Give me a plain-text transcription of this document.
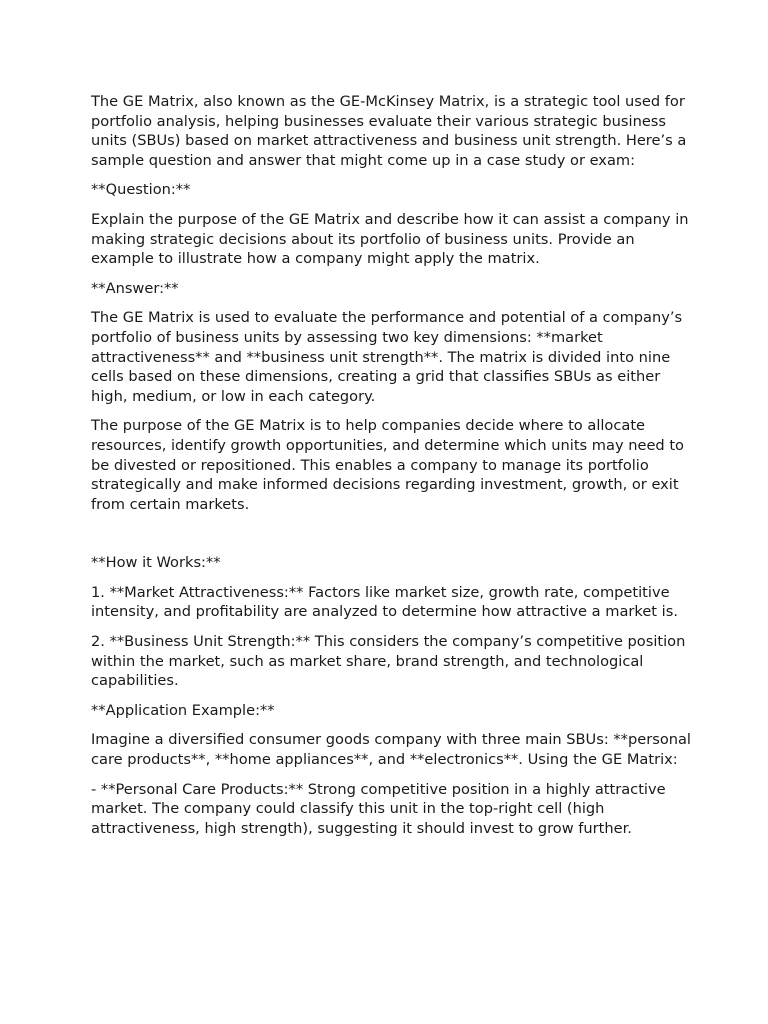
The GE Matrix, also known as the GE-McKinsey Matrix, is a strategic tool used for portfolio analysis, helping businesses evaluate their various strategic business units (SBUs) based on market attractiveness and business unit strength. Here’s a sample question and answer that might come up in a case study or exam:

**Question:**

Explain the purpose of the GE Matrix and describe how it can assist a company in making strategic decisions about its portfolio of business units. Provide an example to illustrate how a company might apply the matrix.

**Answer:**

The GE Matrix is used to evaluate the performance and potential of a company’s portfolio of business units by assessing two key dimensions: **market attractiveness** and **business unit strength**. The matrix is divided into nine cells based on these dimensions, creating a grid that classifies SBUs as either high, medium, or low in each category.

The purpose of the GE Matrix is to help companies decide where to allocate resources, identify growth opportunities, and determine which units may need to be divested or repositioned. This enables a company to manage its portfolio strategically and make informed decisions regarding investment, growth, or exit from certain markets.

**How it Works:**

1. **Market Attractiveness:** Factors like market size, growth rate, competitive intensity, and profitability are analyzed to determine how attractive a market is.

2. **Business Unit Strength:** This considers the company’s competitive position within the market, such as market share, brand strength, and technological capabilities.

**Application Example:**

Imagine a diversified consumer goods company with three main SBUs: **personal care products**, **home appliances**, and **electronics**. Using the GE Matrix:

- **Personal Care Products:** Strong competitive position in a highly attractive market. The company could classify this unit in the top-right cell (high attractiveness, high strength), suggesting it should invest to grow further.
